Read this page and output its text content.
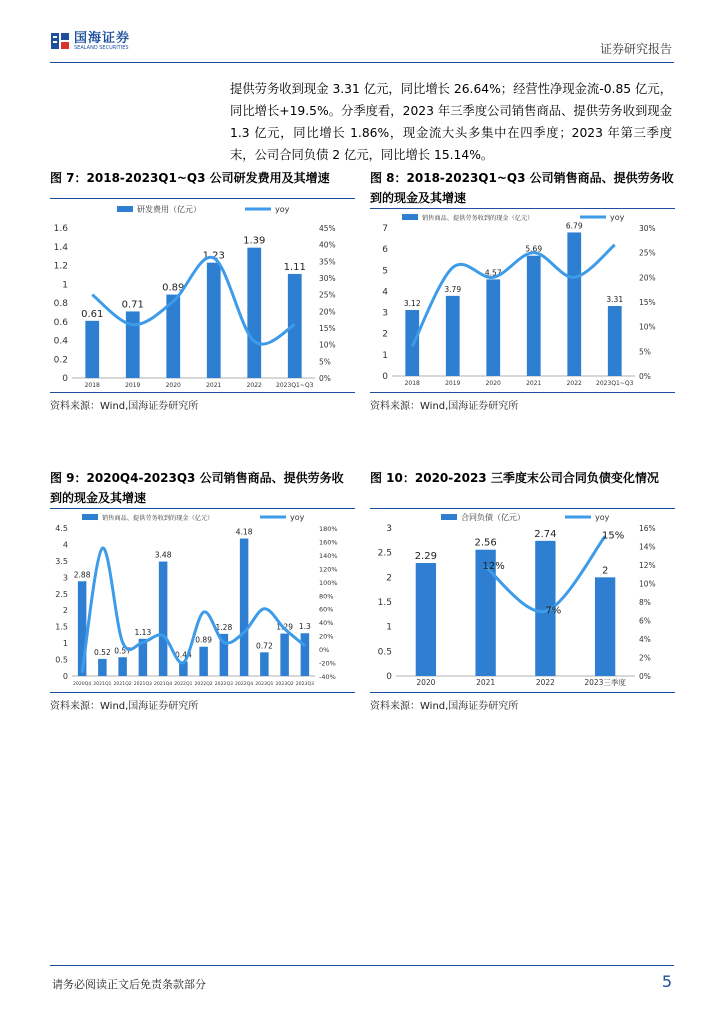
国海证券
SEALAND SECURITIES	证券研究报告
提供劳务收到现金 3.31 亿元，同比增长 26.64%；经营性净现金流-0.85 亿元，同比增长+19.5%。分季度看，2023 年三季度公司销售商品、提供劳务收到现金 1.3 亿元，同比增长 1.86%，现金流大头多集中在四季度；2023 年第三季度末，公司合同负债 2 亿元，同比增长 15.14%。
图 7：2018-2023Q1~Q3 公司研发费用及其增速
0
0.2
0.4
0.6
0.8
1
1.2
1.4
1.6
0%
5%
10%
15%
20%
25%
30%
35%
40%
45%
0.61
2018
0.71
2019
0.89
2020
1.23
2021
1.39
2022
1.11
2023Q1~Q3
研发费用（亿元）	yoy
资料来源：Wind,国海证券研究所
图 8：2018-2023Q1~Q3 公司销售商品、提供劳务收到的现金及其增速
0
1
2
3
4
5
6
7
0%
5%
10%
15%
20%
25%
30%
3.12
2018
3.79
2019
4.57
2020
5.69
2021
6.79
2022
3.31
2023Q1~Q3
销售商品、提供劳务收到的现金（亿元）	yoy
资料来源：Wind,国海证券研究所
图 9：2020Q4-2023Q3 公司销售商品、提供劳务收到的现金及其增速
0
0.5
1
1.5
2
2.5
3
3.5
4
4.5
-40%
-20%
0%
20%
40%
60%
80%
100%
120%
140%
160%
180%
2.88
2020Q4
0.52
2021Q1
0.57
2021Q2
1.13
2021Q3
3.48
2021Q4
0.44
2022Q1
0.89
2022Q2
1.28
2022Q3
4.18
2022Q4
0.72
2023Q1
1.29
2023Q2
1.3
2023Q3
销售商品、提供劳务收到的现金（亿元）	yoy
资料来源：Wind,国海证券研究所
图 10：2020-2023 三季度末公司合同负债变化情况
0
0.5
1
1.5
2
2.5
3
0%
2%
4%
6%
8%
10%
12%
14%
16%
2.29
2020
2.56
2021
2.74
2022
2
2023三季度
12%
7%
15%
合同负债（亿元）	yoy
资料来源：Wind,国海证券研究所
请务必阅读正文后免责条款部分	5
